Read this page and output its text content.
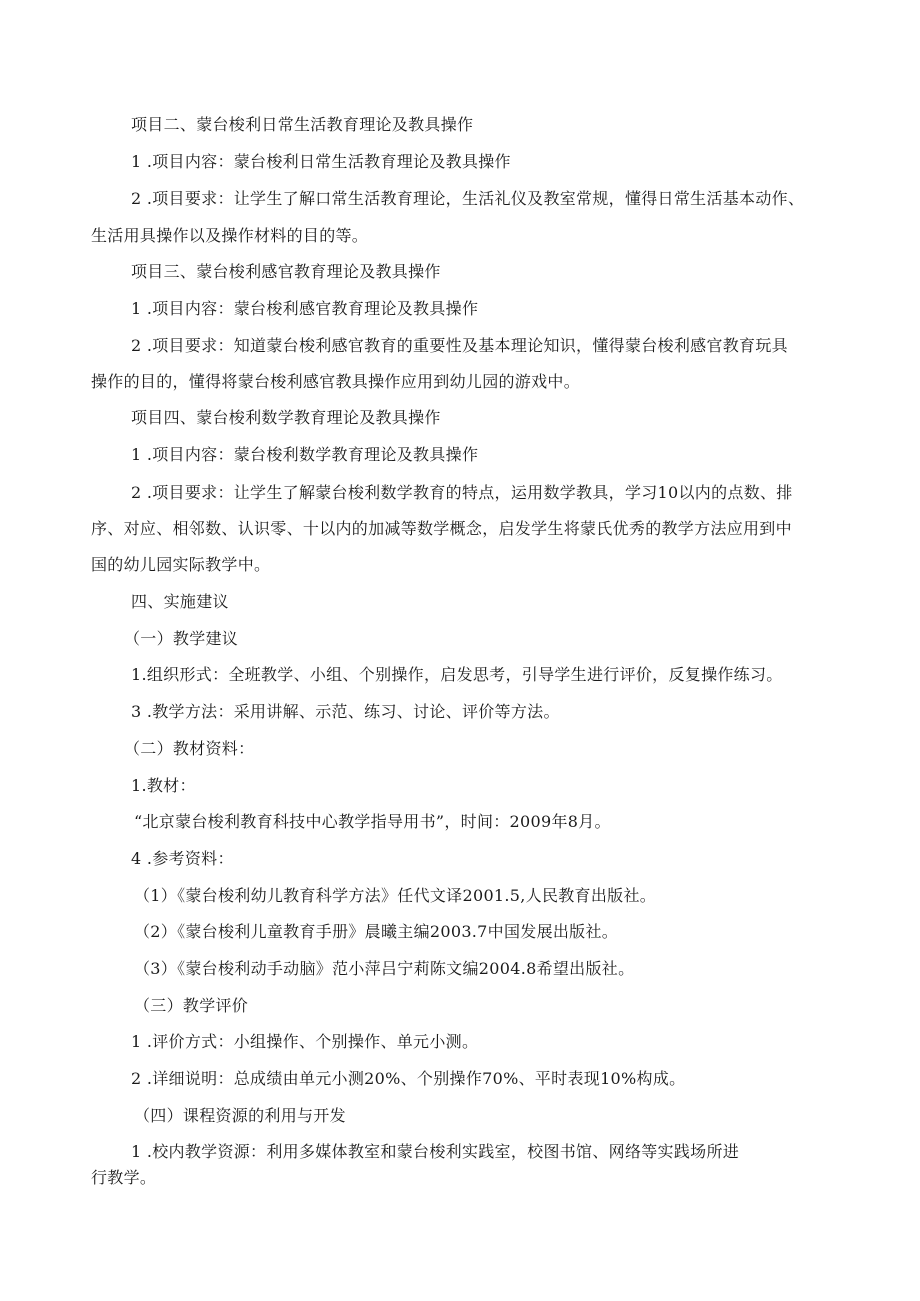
项目二、蒙台梭利日常生活教育理论及教具操作
1 .项目内容：蒙台梭利日常生活教育理论及教具操作
2 .项目要求：让学生了解口常生活教育理论，生活礼仪及教室常规，懂得日常生活基本动作、
生活用具操作以及操作材料的目的等。
项目三、蒙台梭利感官教育理论及教具操作
1 .项目内容：蒙台梭利感官教育理论及教具操作
2 .项目要求：知道蒙台梭利感官教育的重要性及基本理论知识，懂得蒙台梭利感官教育玩具
操作的目的，懂得将蒙台梭利感官教具操作应用到幼儿园的游戏中。
项目四、蒙台梭利数学教育理论及教具操作
1 .项目内容：蒙台梭利数学教育理论及教具操作
2 .项目要求：让学生了解蒙台梭利数学教育的特点，运用数学教具，学习10以内的点数、排
序、对应、相邻数、认识零、十以内的加减等数学概念，启发学生将蒙氏优秀的教学方法应用到中
国的幼儿园实际教学中。
四、实施建议
（一）教学建议
1.组织形式：全班教学、小组、个别操作，启发思考，引导学生进行评价，反复操作练习。
3 .教学方法：采用讲解、示范、练习、讨论、评价等方法。
（二）教材资料：
1.教材：
“北京蒙台梭利教育科技中心教学指导用书”，时间：2009年8月。
4 .参考资料：
（1）《蒙台梭利幼儿教育科学方法》任代文译2001.5,人民教育出版社。
（2）《蒙台梭利儿童教育手册》晨曦主编2003.7中国发展出版社。
（3）《蒙台梭利动手动脑》范小萍吕宁莉陈文编2004.8希望出版社。
（三）教学评价
1 .评价方式：小组操作、个别操作、单元小测。
2 .详细说明：总成绩由单元小测20%、个别操作70%、平时表现10%构成。
（四）课程资源的利用与开发
1 .校内教学资源：利用多媒体教室和蒙台梭利实践室，校图书馆、网络等实践场所进
行教学。
